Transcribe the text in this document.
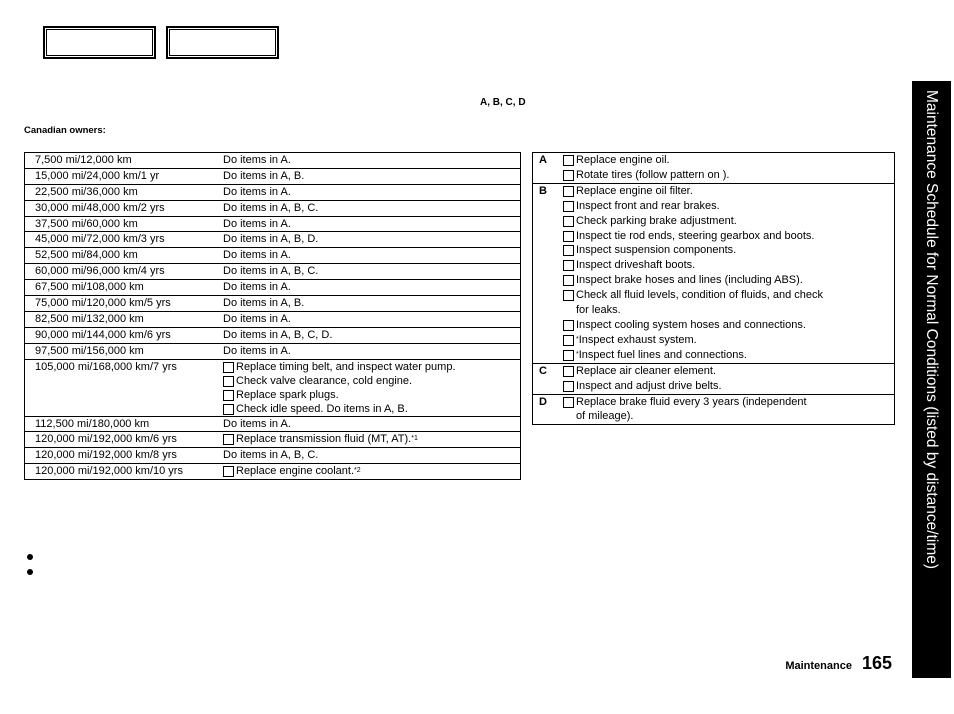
A, B, C, D
Canadian owners:
7,500 mi/12,000 km	Do items in A.

15,000 mi/24,000 km/1 yr	Do items in A, B.

22,500 mi/36,000 km	Do items in A.

30,000 mi/48,000 km/2 yrs	Do items in A, B, C.

37,500 mi/60,000 km	Do items in A.

45,000 mi/72,000 km/3 yrs	Do items in A, B, D.

52,500 mi/84,000 km	Do items in A.

60,000 mi/96,000 km/4 yrs	Do items in A, B, C.

67,500 mi/108,000 km	Do items in A.

75,000 mi/120,000 km/5 yrs	Do items in A, B.

82,500 mi/132,000 km	Do items in A.

90,000 mi/144,000 km/6 yrs	Do items in A, B, C, D.

97,500 mi/156,000 km	Do items in A.

105,000 mi/168,000 km/7 yrs	Replace timing belt, and inspect water pump.
Check valve clearance, cold engine.
Replace spark plugs.
Check idle speed. Do items in A, B.

112,500 mi/180,000 km	Do items in A.

120,000 mi/192,000 km/6 yrs	Replace transmission fluid (MT, AT). *1

120,000 mi/192,000 km/8 yrs	Do items in A, B, C.

120,000 mi/192,000 km/10 yrs	Replace engine coolant. *2
A	Replace engine oil.
Rotate tires (follow pattern on ).
B	Replace engine oil filter.
Inspect front and rear brakes.
Check parking brake adjustment.
Inspect tie rod ends, steering gearbox and boots.
Inspect suspension components.
Inspect driveshaft boots.
Inspect brake hoses and lines (including ABS).
Check all fluid levels, condition of fluids, and check
for leaks.
Inspect cooling system hoses and connections.
* Inspect exhaust system.
* Inspect fuel lines and connections.
C	Replace air cleaner element.
Inspect and adjust drive belts.
D	Replace brake fluid every 3 years (independent
of mileage).	Maintenance Schedule for Normal Conditions (listed by distance/time)
Maintenance 165
